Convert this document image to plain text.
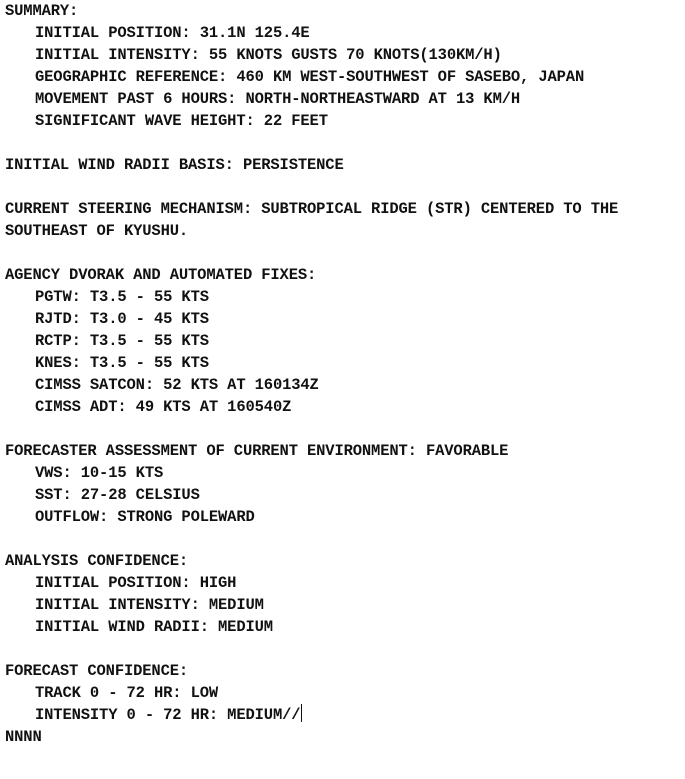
SUMMARY:
INITIAL POSITION: 31.1N 125.4E
INITIAL INTENSITY: 55 KNOTS GUSTS 70 KNOTS(130KM/H)
GEOGRAPHIC REFERENCE: 460 KM WEST-SOUTHWEST OF SASEBO, JAPAN
MOVEMENT PAST 6 HOURS: NORTH-NORTHEASTWARD AT 13 KM/H
SIGNIFICANT WAVE HEIGHT: 22 FEET
INITIAL WIND RADII BASIS: PERSISTENCE
CURRENT STEERING MECHANISM: SUBTROPICAL RIDGE (STR) CENTERED TO THE
SOUTHEAST OF KYUSHU.
AGENCY DVORAK AND AUTOMATED FIXES:
PGTW: T3.5 - 55 KTS
RJTD: T3.0 - 45 KTS
RCTP: T3.5 - 55 KTS
KNES: T3.5 - 55 KTS
CIMSS SATCON: 52 KTS AT 160134Z
CIMSS ADT: 49 KTS AT 160540Z
FORECASTER ASSESSMENT OF CURRENT ENVIRONMENT: FAVORABLE
VWS: 10-15 KTS
SST: 27-28 CELSIUS
OUTFLOW: STRONG POLEWARD
ANALYSIS CONFIDENCE:
INITIAL POSITION: HIGH
INITIAL INTENSITY: MEDIUM
INITIAL WIND RADII: MEDIUM
FORECAST CONFIDENCE:
TRACK 0 - 72 HR: LOW
INTENSITY 0 - 72 HR: MEDIUM//
NNNN
